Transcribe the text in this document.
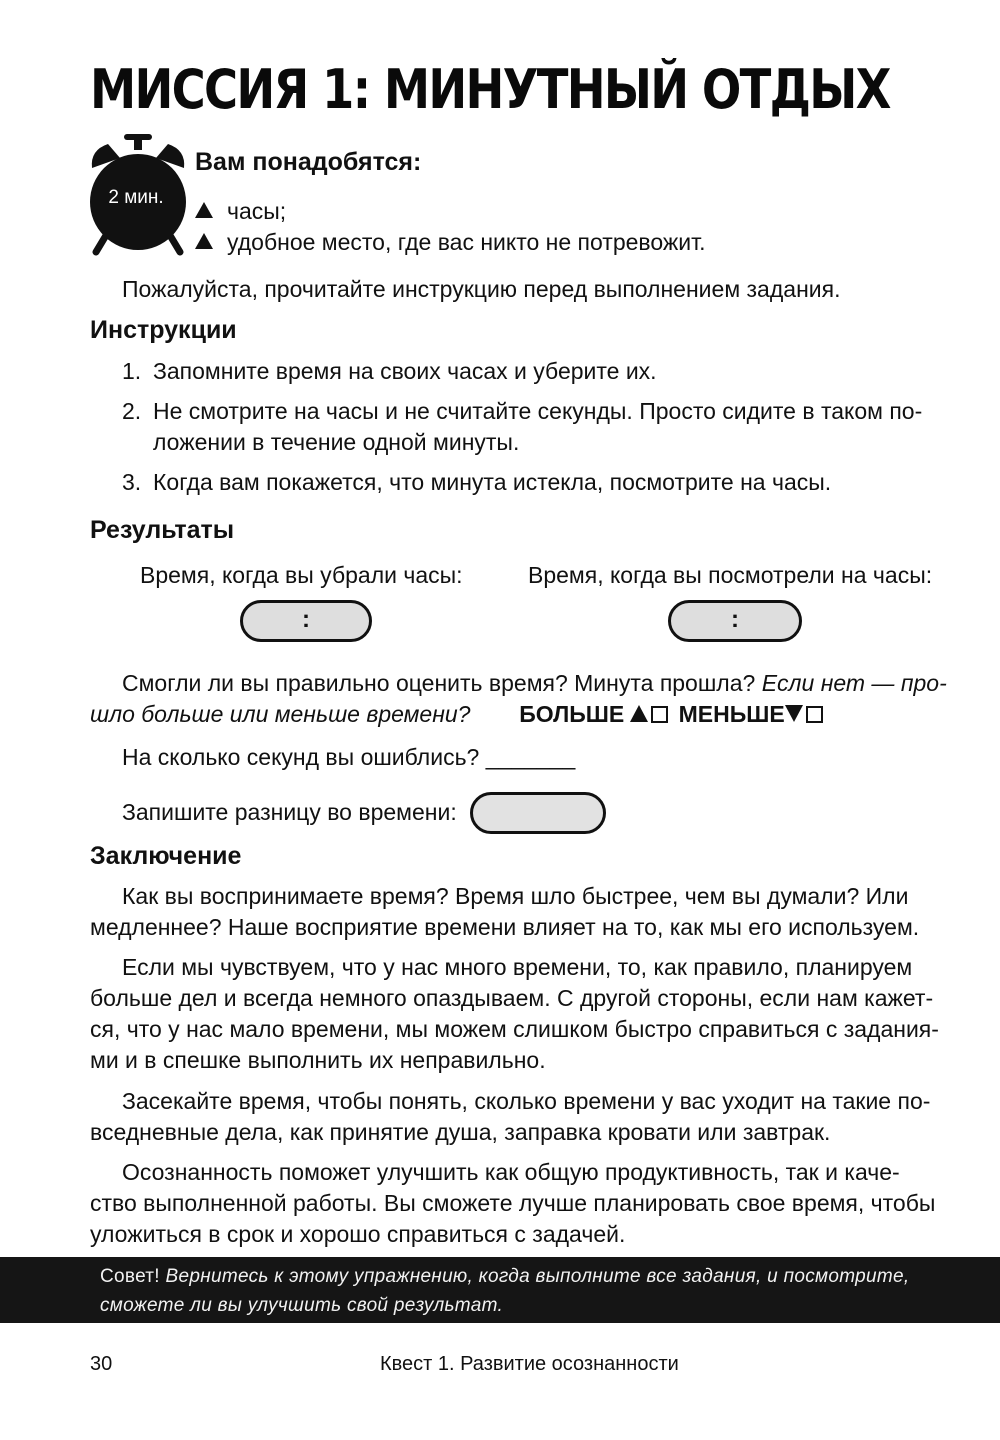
МИССИЯ 1: МИНУТНЫЙ ОТДЫХ
2 мин.
Вам понадобятся:
часы;
удобное место, где вас никто не потревожит.
Пожалуйста, прочитайте инструкцию перед выполнением задания.
Инструкции
1. Запомните время на своих часах и уберите их.
2. Не смотрите на часы и не считайте секунды. Просто сидите в таком по-
ложении в течение одной минуты.
3. Когда вам покажется, что минута истекла, посмотрите на часы.
Результаты
Время, когда вы убрали часы:	Время, когда вы посмотрели на часы:
:	:
Смогли ли вы правильно оценить время? Минута прошла? Если нет — про-
шло больше или меньше времени? БОЛЬШЕ МЕНЬШЕ
На сколько секунд вы ошиблись? _______
Запишите разницу во времени:
Заключение
Как вы воспринимаете время? Время шло быстрее, чем вы думали? Или
медленнее? Наше восприятие времени влияет на то, как мы его используем.
Если мы чувствуем, что у нас много времени, то, как правило, планируем
больше дел и всегда немного опаздываем. С другой стороны, если нам кажет-
ся, что у нас мало времени, мы можем слишком быстро справиться с задания-
ми и в спешке выполнить их неправильно.
Засекайте время, чтобы понять, сколько времени у вас уходит на такие по-
вседневные дела, как принятие душа, заправка кровати или завтрак.
Осознанность поможет улучшить как общую продуктивность, так и каче-
ство выполненной работы. Вы сможете лучше планировать свое время, чтобы
уложиться в срок и хорошо справиться с задачей.
Совет! Вернитесь к этому упражнению, когда выполните все задания, и посмотрите,
сможете ли вы улучшить свой результат.
30	Квест 1. Развитие осознанности
